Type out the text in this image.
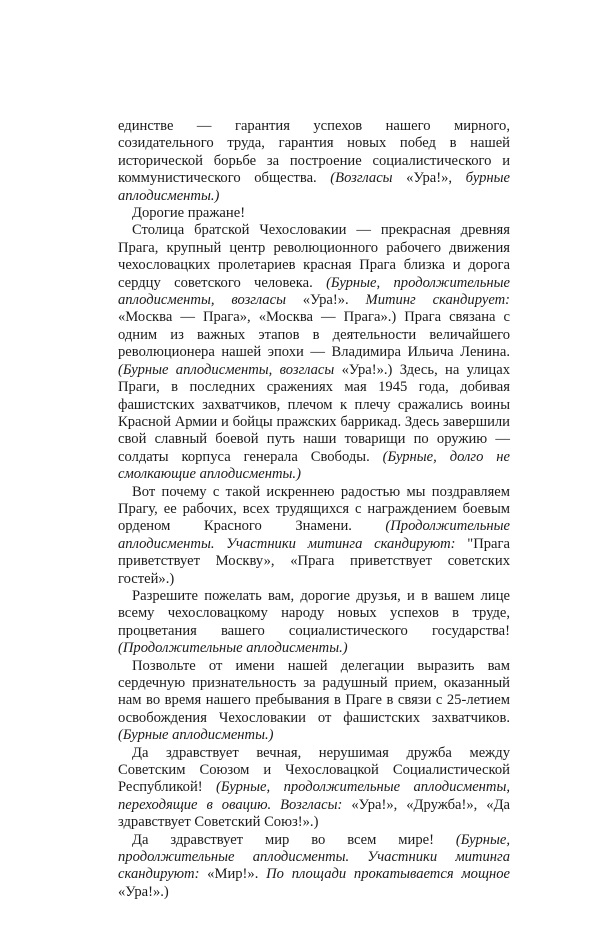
единстве — гарантия успехов нашего мирного, созидательного труда, гарантия новых побед в нашей исторической борьбе за построение социалистического и коммунистического общества. (Возгласы «Ура!», бурные аплодисменты.)

Дорогие пражане!

Столица братской Чехословакии — прекрасная древняя Прага, крупный центр революционного рабочего движения чехословацких пролетариев красная Прага близка и дорога сердцу советского человека. (Бурные, продолжительные аплодисменты, возгласы «Ура!». Митинг скандирует: «Москва — Прага», «Москва — Прага».) Прага связана с одним из важных этапов в деятельности величайшего революционера нашей эпохи — Владимира Ильича Ленина. (Бурные аплодисменты, возгласы «Ура!».) Здесь, на улицах Праги, в последних сражениях мая 1945 года, добивая фашистских захватчиков, плечом к плечу сражались воины Красной Армии и бойцы пражских баррикад. Здесь завершили свой славный боевой путь наши товарищи по оружию — солдаты корпуса генерала Свободы. (Бурные, долго не смолкающие аплодисменты.)

Вот почему с такой искреннею радостью мы поздравляем Прагу, ее рабочих, всех трудящихся с награждением боевым орденом Красного Знамени. (Продолжительные аплодисменты. Участники митинга скандируют: "Прага приветствует Москву», «Прага приветствует советских гостей».)

Разрешите пожелать вам, дорогие друзья, и в вашем лице всему чехословацкому народу новых успехов в труде, процветания вашего социалистического государства! (Продолжительные аплодисменты.)

Позвольте от имени нашей делегации выразить вам сердечную признательность за радушный прием, оказанный нам во время нашего пребывания в Праге в связи с 25-летием освобождения Чехословакии от фашистских захватчиков. (Бурные аплодисменты.)

Да здравствует вечная, нерушимая дружба между Советским Союзом и Чехословацкой Социалистической Республикой! (Бурные, продолжительные аплодисменты, переходящие в овацию. Возгласы: «Ура!», «Дружба!», «Да здравствует Советский Союз!».)

Да здравствует мир во всем мире! (Бурные, продолжительные аплодисменты. Участники митинга скандируют: «Мир!». По площади прокатывается мощное «Ура!».)
